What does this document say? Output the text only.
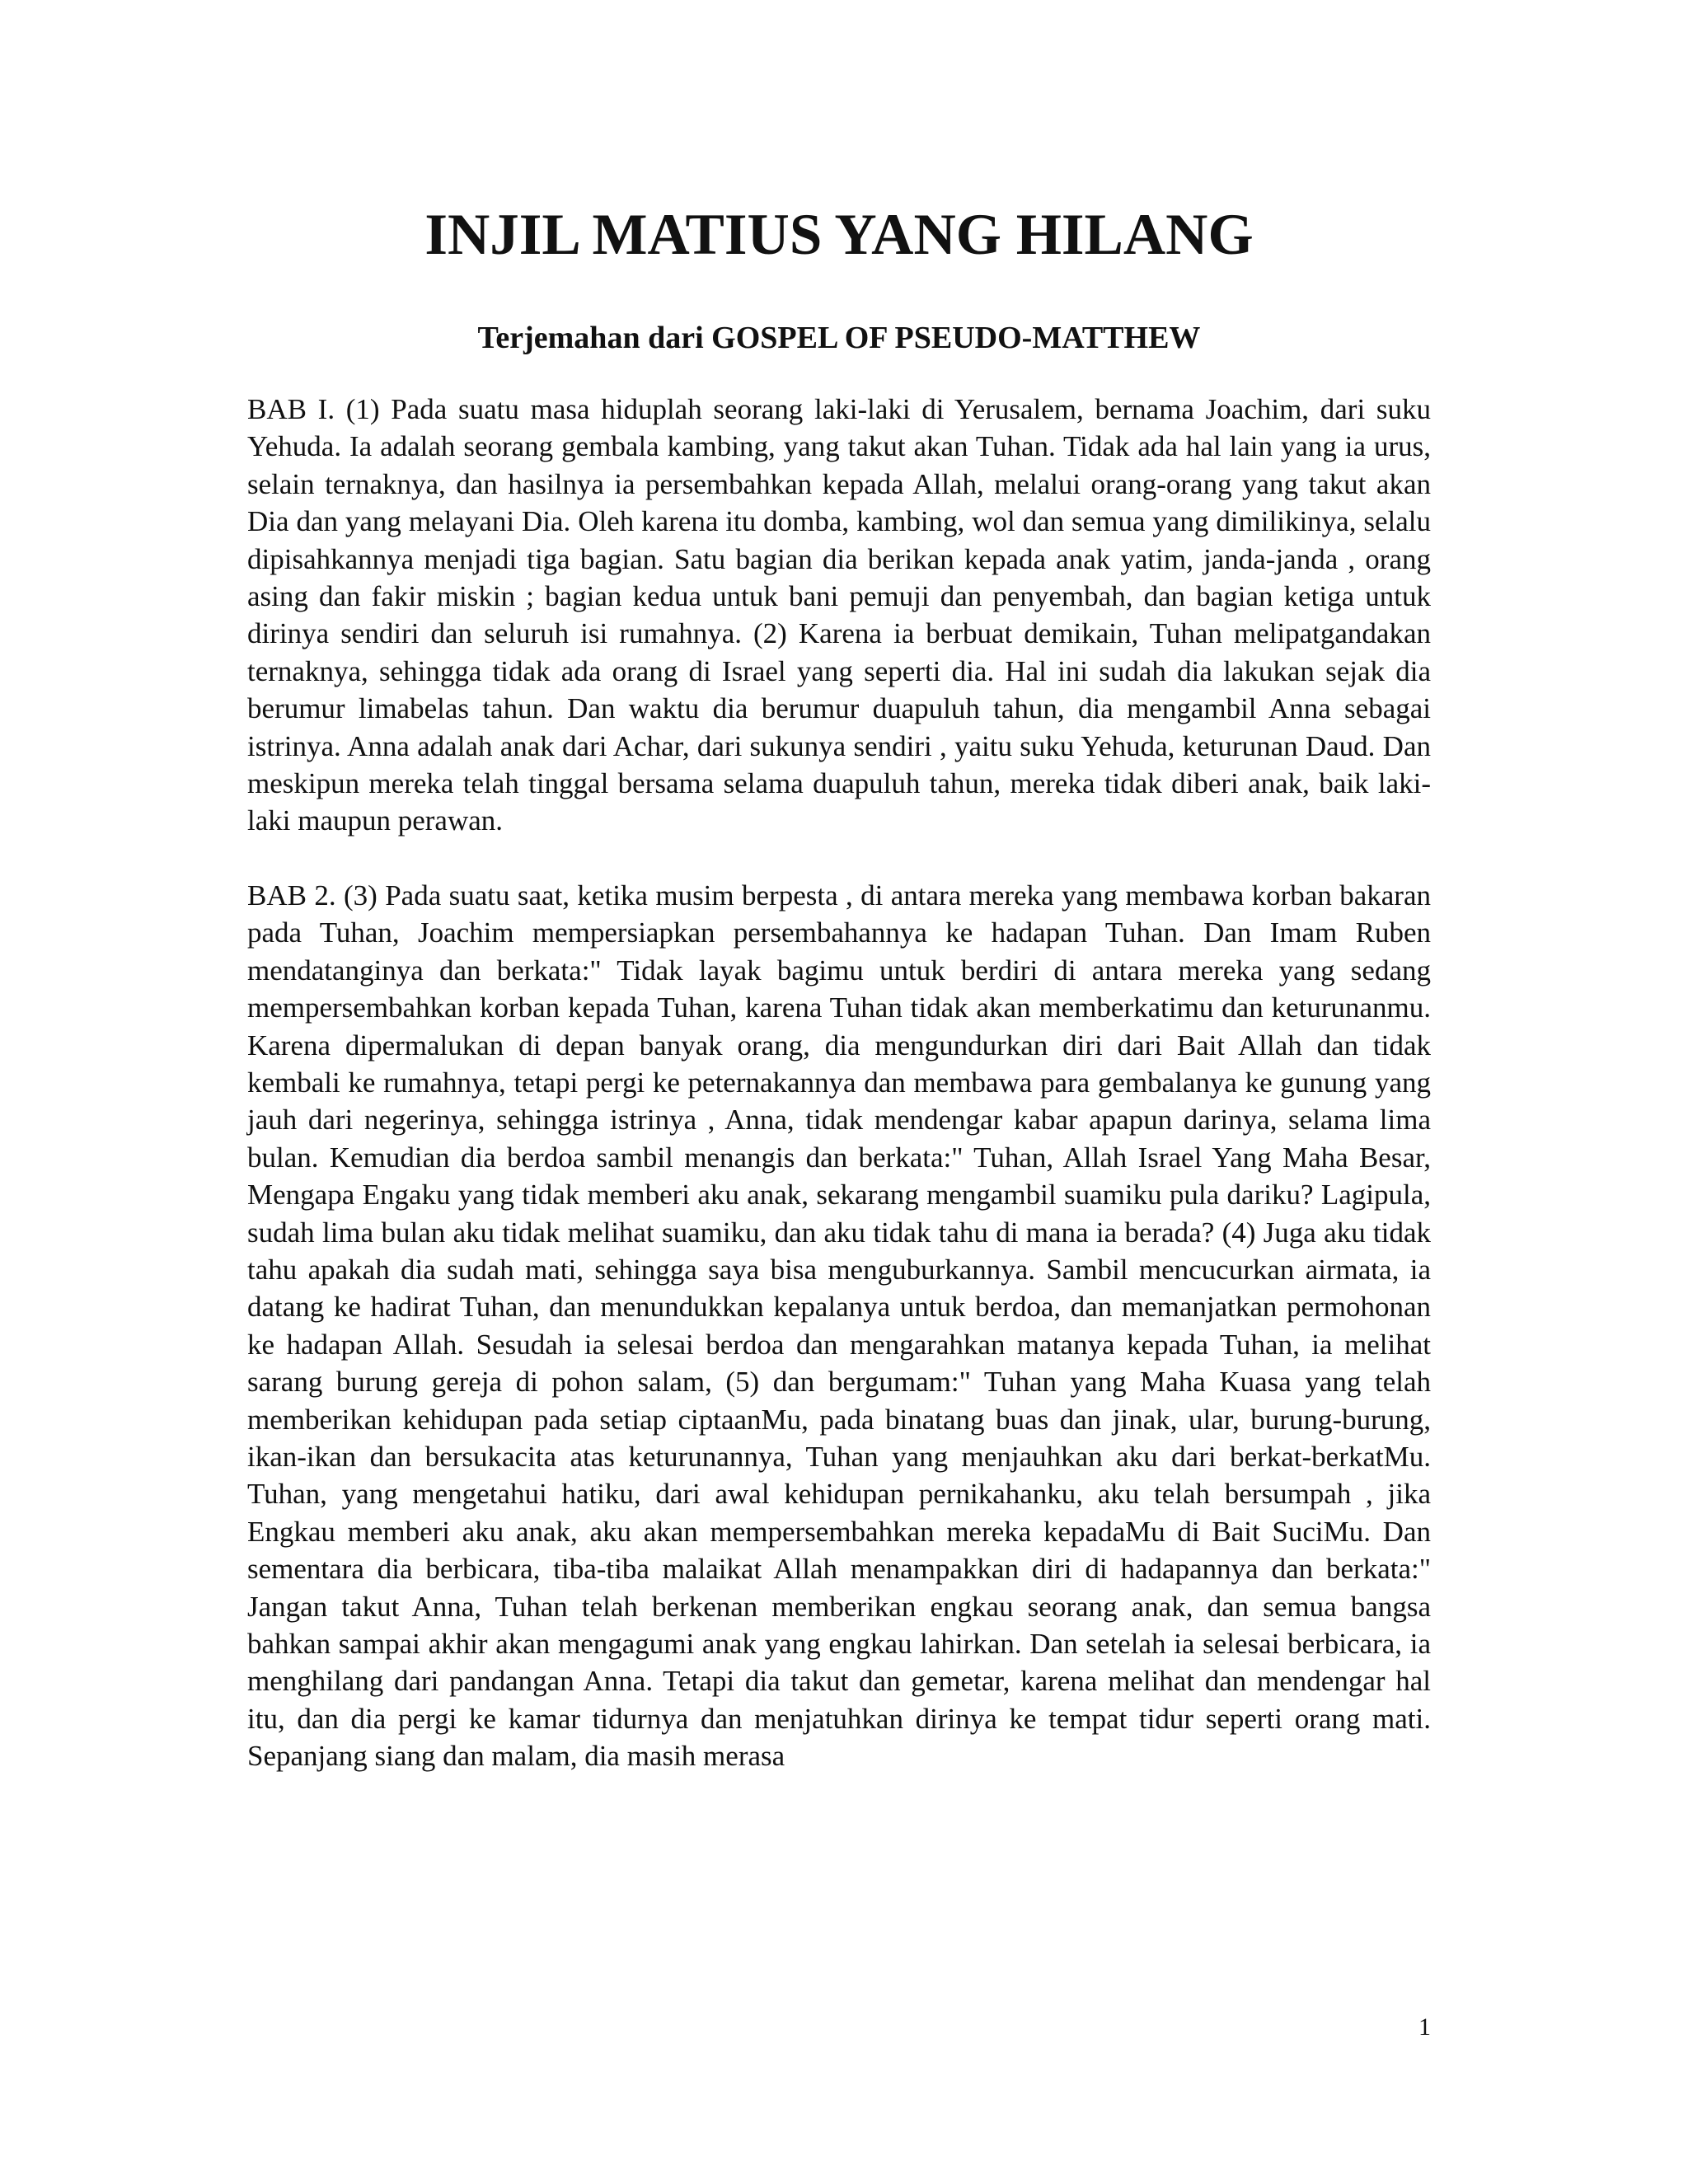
INJIL MATIUS YANG HILANG
Terjemahan dari GOSPEL OF PSEUDO-MATTHEW

BAB I. (1) Pada suatu masa hiduplah seorang laki-laki di Yerusalem, bernama Joachim, dari suku Yehuda. Ia adalah seorang gembala kambing, yang takut akan Tuhan. Tidak ada hal lain yang ia urus, selain ternaknya, dan hasilnya ia persembahkan kepada Allah, melalui orang-orang yang takut akan Dia dan yang melayani Dia. Oleh karena itu domba, kambing, wol dan semua yang dimilikinya, selalu dipisahkannya menjadi tiga bagian. Satu bagian dia berikan kepada anak yatim, janda-janda , orang asing dan fakir miskin ; bagian kedua untuk bani pemuji dan penyembah, dan bagian ketiga untuk dirinya sendiri dan seluruh isi rumahnya. (2) Karena ia berbuat demikain, Tuhan melipatgandakan ternaknya, sehingga tidak ada orang di Israel yang seperti dia. Hal ini sudah dia lakukan sejak dia berumur limabelas tahun. Dan waktu dia berumur duapuluh tahun, dia mengambil Anna sebagai istrinya. Anna adalah anak dari Achar, dari sukunya sendiri , yaitu suku Yehuda, keturunan Daud. Dan meskipun mereka telah tinggal bersama selama duapuluh tahun, mereka tidak diberi anak, baik laki-laki maupun perawan.

BAB 2. (3) Pada suatu saat, ketika musim berpesta , di antara mereka yang membawa korban bakaran pada Tuhan, Joachim mempersiapkan persembahannya ke hadapan Tuhan. Dan Imam Ruben mendatanginya dan berkata:" Tidak layak bagimu untuk berdiri di antara mereka yang sedang mempersembahkan korban kepada Tuhan, karena Tuhan tidak akan memberkatimu dan keturunanmu. Karena dipermalukan di depan banyak orang, dia mengundurkan diri dari Bait Allah dan tidak kembali ke rumahnya, tetapi pergi ke peternakannya dan membawa para gembalanya ke gunung yang jauh dari negerinya, sehingga istrinya , Anna, tidak mendengar kabar apapun darinya, selama lima bulan. Kemudian dia berdoa sambil menangis dan berkata:" Tuhan, Allah Israel Yang Maha Besar, Mengapa Engaku yang tidak memberi aku anak, sekarang mengambil suamiku pula dariku? Lagipula, sudah lima bulan aku tidak melihat suamiku, dan aku tidak tahu di mana ia berada? (4) Juga aku tidak tahu apakah dia sudah mati, sehingga saya bisa menguburkannya. Sambil mencucurkan airmata, ia datang ke hadirat Tuhan, dan menundukkan kepalanya untuk berdoa, dan memanjatkan permohonan ke hadapan Allah. Sesudah ia selesai berdoa dan mengarahkan matanya kepada Tuhan, ia melihat sarang burung gereja di pohon salam, (5) dan bergumam:" Tuhan yang Maha Kuasa yang telah memberikan kehidupan pada setiap ciptaanMu, pada binatang buas dan jinak, ular, burung-burung, ikan-ikan dan bersukacita atas keturunannya, Tuhan yang menjauhkan aku dari berkat-berkatMu. Tuhan, yang mengetahui hatiku, dari awal kehidupan pernikahanku, aku telah bersumpah , jika Engkau memberi aku anak, aku akan mempersembahkan mereka kepadaMu di Bait SuciMu. Dan sementara dia berbicara, tiba-tiba malaikat Allah menampakkan diri di hadapannya dan berkata:" Jangan takut Anna, Tuhan telah berkenan memberikan engkau seorang anak, dan semua bangsa bahkan sampai akhir akan mengagumi anak yang engkau lahirkan. Dan setelah ia selesai berbicara, ia menghilang dari pandangan Anna. Tetapi dia takut dan gemetar, karena melihat dan mendengar hal itu, dan dia pergi ke kamar tidurnya dan menjatuhkan dirinya ke tempat tidur seperti orang mati. Sepanjang siang dan malam, dia masih merasa

1
